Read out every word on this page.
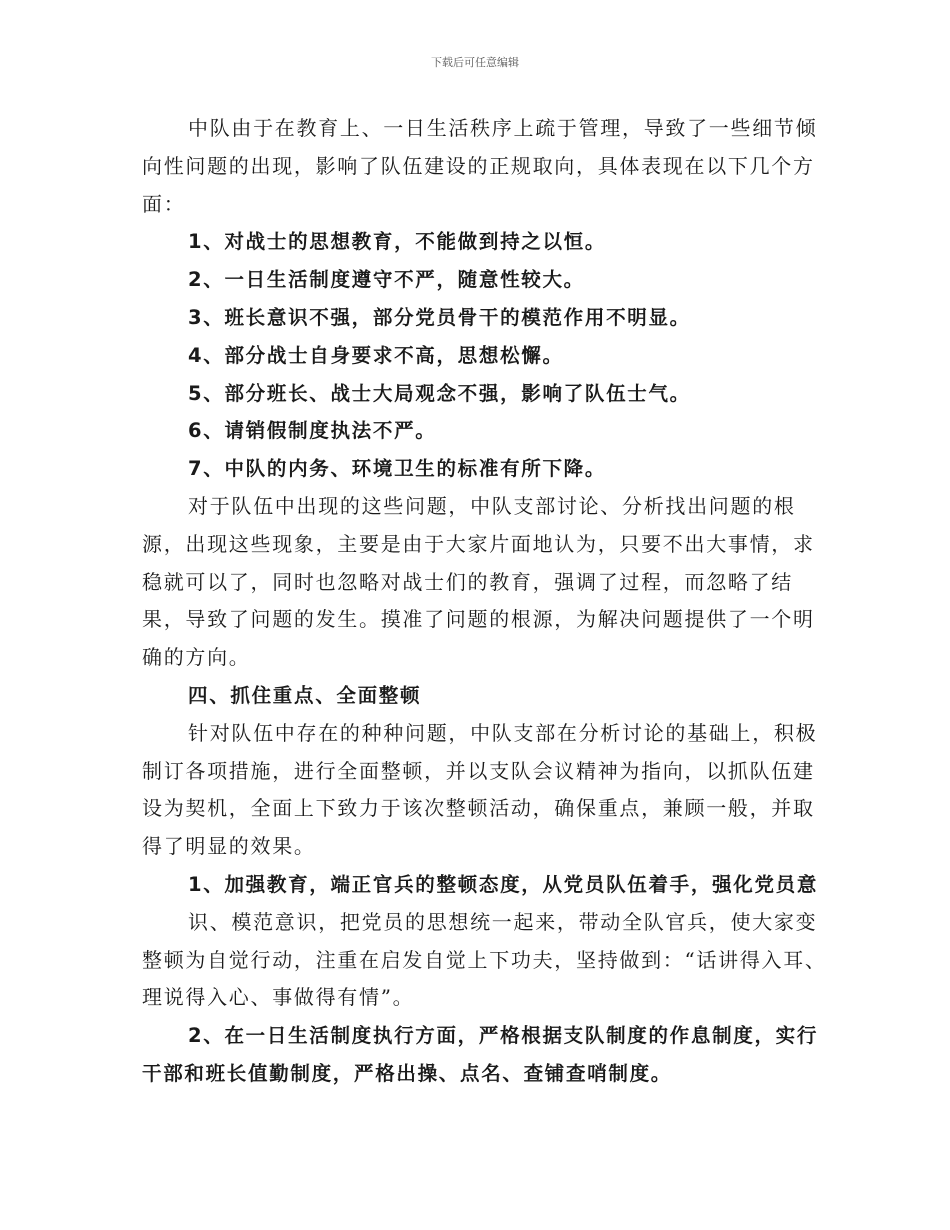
下载后可任意编辑

中队由于在教育上、一日生活秩序上疏于管理，导致了一些细节倾向性问题的出现，影响了队伍建设的正规取向，具体表现在以下几个方面：

1、对战士的思想教育，不能做到持之以恒。

2、一日生活制度遵守不严，随意性较大。

3、班长意识不强，部分党员骨干的模范作用不明显。

4、部分战士自身要求不高，思想松懈。

5、部分班长、战士大局观念不强，影响了队伍士气。

6、请销假制度执法不严。

7、中队的内务、环境卫生的标准有所下降。

对于队伍中出现的这些问题，中队支部讨论、分析找出问题的根源，出现这些现象，主要是由于大家片面地认为，只要不出大事情，求稳就可以了，同时也忽略对战士们的教育，强调了过程，而忽略了结果，导致了问题的发生。摸准了问题的根源，为解决问题提供了一个明确的方向。

四、抓住重点、全面整顿

针对队伍中存在的种种问题，中队支部在分析讨论的基础上，积极制订各项措施，进行全面整顿，并以支队会议精神为指向，以抓队伍建设为契机，全面上下致力于该次整顿活动，确保重点，兼顾一般，并取得了明显的效果。

1、加强教育，端正官兵的整顿态度，从党员队伍着手，强化党员意

识、模范意识，把党员的思想统一起来，带动全队官兵，使大家变整顿为自觉行动，注重在启发自觉上下功夫，坚持做到：“话讲得入耳、理说得入心、事做得有情”。

2、在一日生活制度执行方面，严格根据支队制度的作息制度，实行干部和班长值勤制度，严格出操、点名、查铺查哨制度。
